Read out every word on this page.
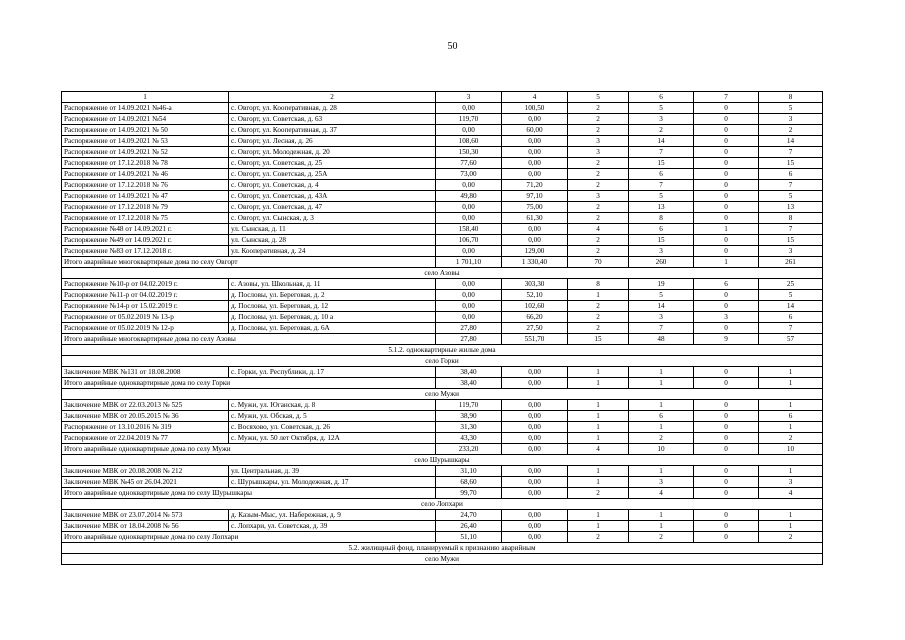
50
1	2	3	4	5	6	7	8
Распоряжение от 14.09.2021 №46-а	с. Овгорт, ул. Кооперативная, д. 28	0,00	100,50	2	5	0	5
Распоряжение от 14.09.2021 №54	с. Овгорт, ул. Советская, д. 63	119,70	0,00	2	3	0	3
Распоряжение от 14.09.2021 № 50	с. Овгорт, ул. Кооперативная, д. 37	0,00	60,00	2	2	0	2
Распоряжение от 14.09.2021 № 53	с. Овгорт, ул. Лесная, д. 26	108,60	0,00	3	14	0	14
Распоряжение от 14.09.2021 № 52	с. Овгорт, ул. Молодежная, д. 20	150,30	0,00	3	7	0	7
Распоряжение от 17.12.2018 № 78	с. Овгорт, ул. Советская, д. 25	77,60	0,00	2	15	0	15
Распоряжение от 14.09.2021 № 46	с. Овгорт, ул. Советская, д. 25А	73,00	0,00	2	6	0	6
Распоряжение от 17.12.2018 № 76	с. Овгорт, ул. Советская, д. 4	0,00	71,20	2	7	0	7
Распоряжение от 14.09.2021 № 47	с. Овгорт, ул. Советская, д. 43А	49,80	97,10	3	5	0	5
Распоряжение от 17.12.2018 № 79	с. Овгорт, ул. Советская, д. 47	0,00	75,00	2	13	0	13
Распоряжение от 17.12.2018 № 75	с. Овгорт, ул. Сынская, д. 3	0,00	61,30	2	8	0	8
Распоряжение №48 от 14.09.2021 г.	ул. Сынская, д. 11	158,40	0,00	4	6	1	7
Распоряжение №49 от 14.09.2021 г.	ул. Сынская, д. 28	106,70	0,00	2	15	0	15
Распоряжение №83 от 17.12.2018 г.	ул. Кооперативная, д. 24	0,00	129,00	2	3	0	3
Итого аварийные многоквартирные дома по селу Овгорт		1 701,10	1 330,40	70	260	1	261
село Азовы							
Распоряжение №10-р от 04.02.2019 г.	с. Азовы, ул. Школьная, д. 11	0,00	303,30	8	19	6	25
Распоряжение №11-р от 04.02.2019 г.	д. Пословы, ул. Береговая, д. 2	0,00	52,10	1	5	0	5
Распоряжение №14-р от 15.02.2019 г.	д. Пословы, ул. Береговая, д. 12	0,00	102,60	2	14	0	14
Распоряжение от 05.02.2019 № 13-р	д. Пословы, ул. Береговая, д. 10 а	0,00	66,20	2	3	3	6
Распоряжение от 05.02.2019 № 12-р	д. Пословы, ул. Береговая, д. 6А	27,80	27,50	2	7	0	7
Итого аварийные многоквартирные дома по селу Азовы		27,80	551,70	15	48	9	57
5.1.2. одноквартирные жилые дома							
село Горки							
Заключение МВК №131 от 18.08.2008	с. Горки, ул. Республики, д. 17	38,40	0,00	1	1	0	1
Итого аварийные одноквартирные дома по селу Горки		38,40	0,00	1	1	0	1
село Мужи							
Заключение МВК от 22.03.2013 № 525	с. Мужи, ул. Юганская, д. 8	119,70	0,00	1	1	0	1
Заключение МВК от 20.05.2015 № 36	с. Мужи, ул. Обская, д. 5	38,90	0,00	1	6	0	6
Распоряжение от 13.10.2016 № 319	с. Восяхово, ул. Советская, д. 26	31,30	0,00	1	1	0	1
Распоряжение от 22.04.2019 № 77	с. Мужи, ул. 50 лет Октября, д. 12А	43,30	0,00	1	2	0	2
Итого аварийные одноквартирные дома по селу Мужи		233,20	0,00	4	10	0	10
село Шурышкары							
Заключение МВК от 20.08.2008 № 212	ул. Центральная, д. 39	31,10	0,00	1	1	0	1
Заключение МВК №45 от 26.04.2021	с. Шурышкары, ул. Молодежная, д. 17	68,60	0,00	1	3	0	3
Итого аварийные одноквартирные дома по селу Шурышкары		99,70	0,00	2	4	0	4
село Лопхари							
Заключение МВК от 23.07.2014 № 573	д. Казым-Мыс, ул. Набережная, д. 9	24,70	0,00	1	1	0	1
Заключение МВК от 18.04.2008 № 56	с. Лопхари, ул. Советская, д. 39	26,40	0,00	1	1	0	1
Итого аварийные одноквартирные дома по селу Лопхари		51,10	0,00	2	2	0	2
5.2. жилищный фонд, планируемый к признанию аварийным							
село Мужи							
